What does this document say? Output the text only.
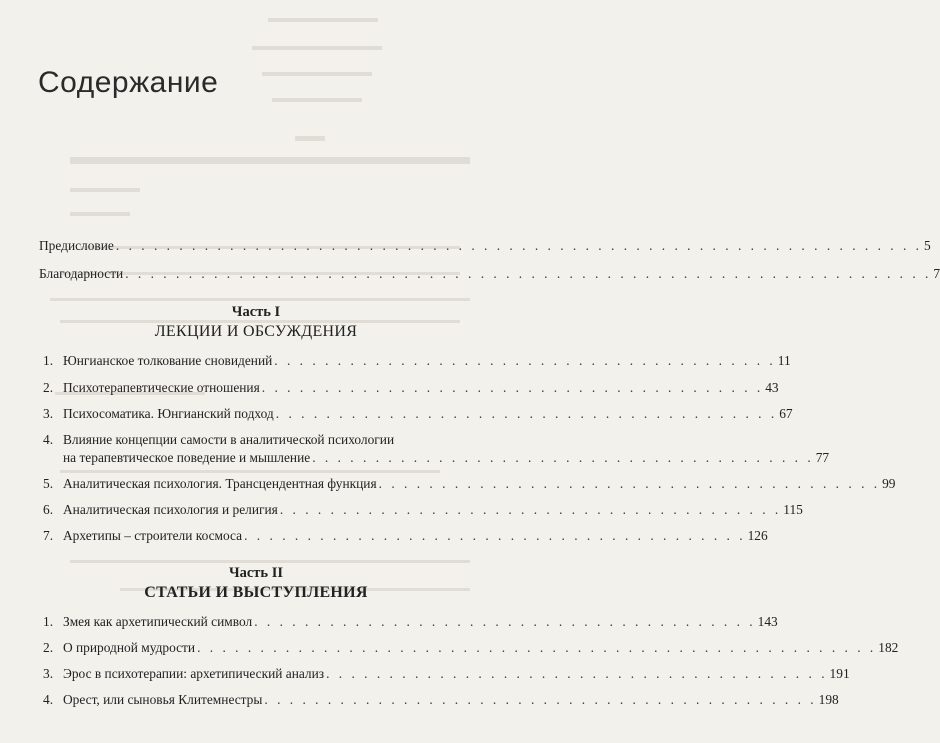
Содержание
Предисловие . . . . . . . . . . . . . . . . . . . . . . . . . . . . . . . . . . . . . . . . . . . . . . . . . . . . . . . . . . . . . . . . 5
Благодарности . . . . . . . . . . . . . . . . . . . . . . . . . . . . . . . . . . . . . . . . . . . . . . . . . . . . . . . . . . . . . . . . 7
Часть I
ЛЕКЦИИ И ОБСУЖДЕНИЯ
1. Юнгианское толкование сновидений . . . . . . . . . . . . . . . . . . . . . . . . . . . . . . . . . . . . . . . . 11
2. Психотерапевтические отношения . . . . . . . . . . . . . . . . . . . . . . . . . . . . . . . . . . . . . . . . 43
3. Психосоматика. Юнгианский подход . . . . . . . . . . . . . . . . . . . . . . . . . . . . . . . . . . . . . . . . 67
4. Влияние концепции самости в аналитической психологии
на терапевтическое поведение и мышление . . . . . . . . . . . . . . . . . . . . . . . . . . . . . . . . . . . . . . . . 77
5. Аналитическая психология. Трансцендентная функция . . . . . . . . . . . . . . . . . . . . . . . . . . . . . . . . . . . . . . . . 99
6. Аналитическая психология и религия . . . . . . . . . . . . . . . . . . . . . . . . . . . . . . . . . . . . . . . . 115
7. Архетипы – строители космоса . . . . . . . . . . . . . . . . . . . . . . . . . . . . . . . . . . . . . . . . 126
Часть II
СТАТЬИ И ВЫСТУПЛЕНИЯ
1. Змея как архетипический символ . . . . . . . . . . . . . . . . . . . . . . . . . . . . . . . . . . . . . . . . 143
2. О природной мудрости . . . . . . . . . . . . . . . . . . . . . . . . . . . . . . . . . . . . . . . . . . . . . . . . . . . . . . 182
3. Эрос в психотерапии: архетипический анализ . . . . . . . . . . . . . . . . . . . . . . . . . . . . . . . . . . . . . . . . 191
4. Орест, или сыновья Клитемнестры . . . . . . . . . . . . . . . . . . . . . . . . . . . . . . . . . . . . . . . . . . . . 198
